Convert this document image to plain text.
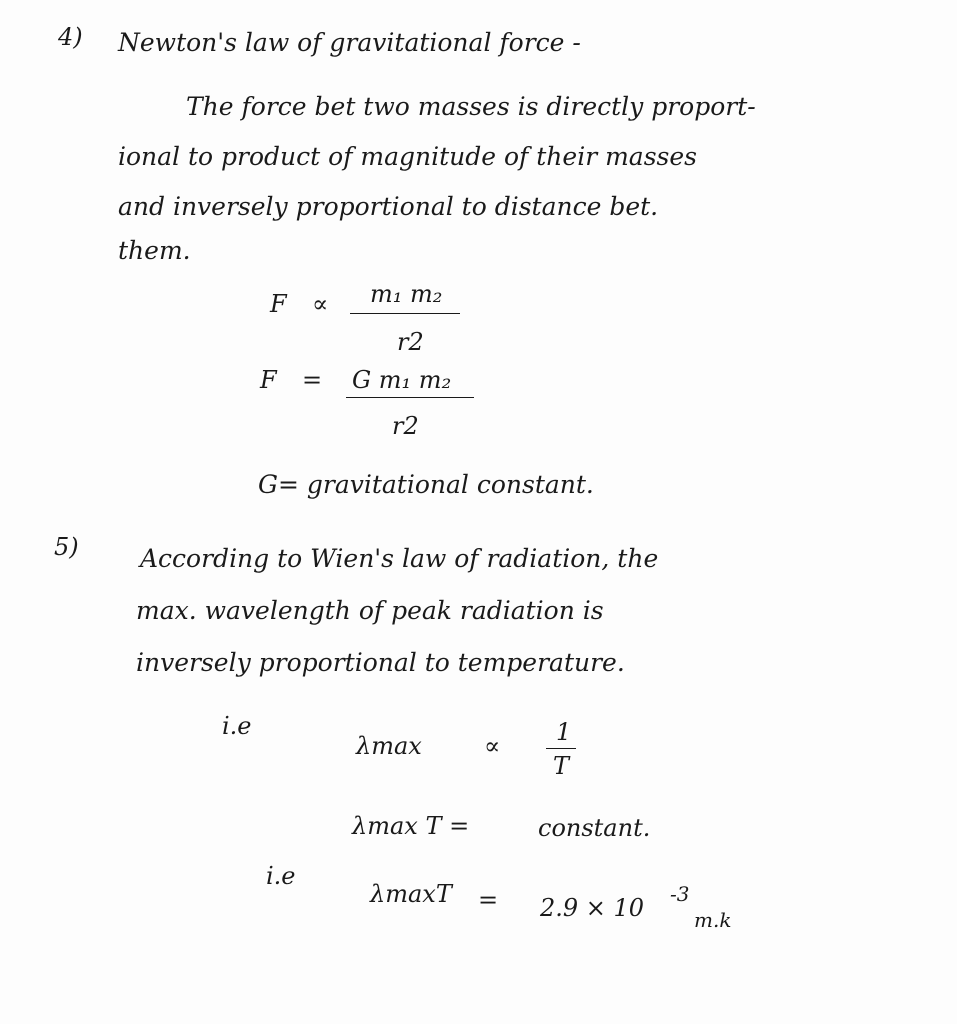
4) Newton's law of gravitational force -
The force bet two masses is directly proport-
ional to product of magnitude of their masses
and inversely proportional to distance bet.
them.
F ∝ m₁ m₂
r2
F = G m₁ m₂
r2
G= gravitational constant.
5) According to Wien's law of radiation, the
max. wavelength of peak radiation is
inversely proportional to temperature.
i.e
λmax	∝ 1
T
λmax T =	constant.
i.e
λmaxT = 2.9 × 10 -3
m.k
